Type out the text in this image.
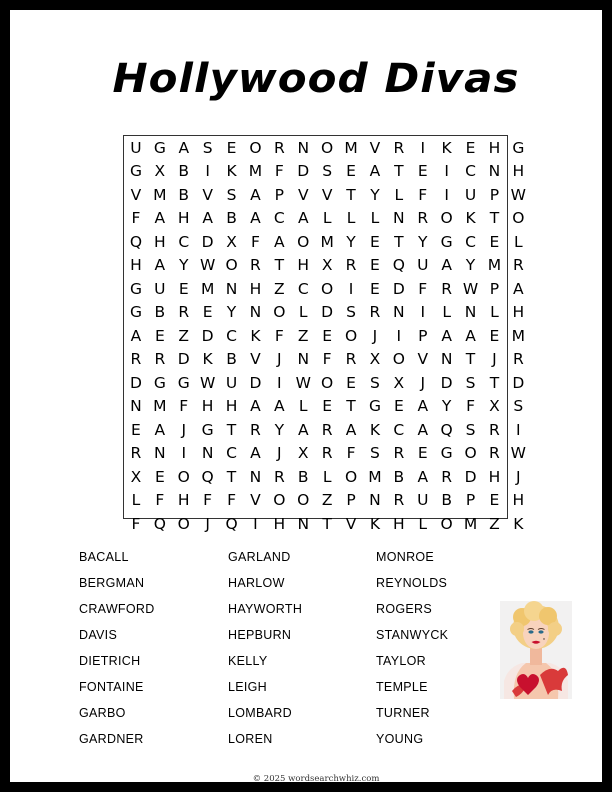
Hollywood Divas
U G A S E O R N O M V R	I	K E H G
G X B	I	K M F D S E A T E	I	C N H
V M B V S A P V V T Y L F	I	U P W
F A H A B A C A L L L N R O K T O
Q H C D X F A O M Y E T Y G C E L
H A Y W O R T H X R E Q U A Y M R
G U E M N H Z C O	I	E D F R W P A
G B R E Y N O L D S R N	I	L N L H
A E Z D C K F Z E O	J	I	P A A E M
R R D K B V	J	N F R X O V N T	J	R
D G G W U D	I W O E S X	J	D S T D
N M F H H A A L E T G E A Y F X S
E A	J	G T R Y A R A K C A Q S R	I
R N	I	N C A	J	X R F S R E G O R W
X E O Q T N R B L O M B A R D H	J
L F H F F V O O Z P N R U B P E H
F Q O	J	Q	I	H N T V K H L O M Z K
BACALL
BERGMAN
CRAWFORD
DAVIS
DIETRICH
FONTAINE
GARBO
GARDNER
GARLAND
HARLOW
HAYWORTH
HEPBURN
KELLY
LEIGH
LOMBARD
LOREN
MONROE
REYNOLDS
ROGERS
STANWYCK
TAYLOR
TEMPLE
TURNER
YOUNG
© 2025 wordsearchwhiz.com
